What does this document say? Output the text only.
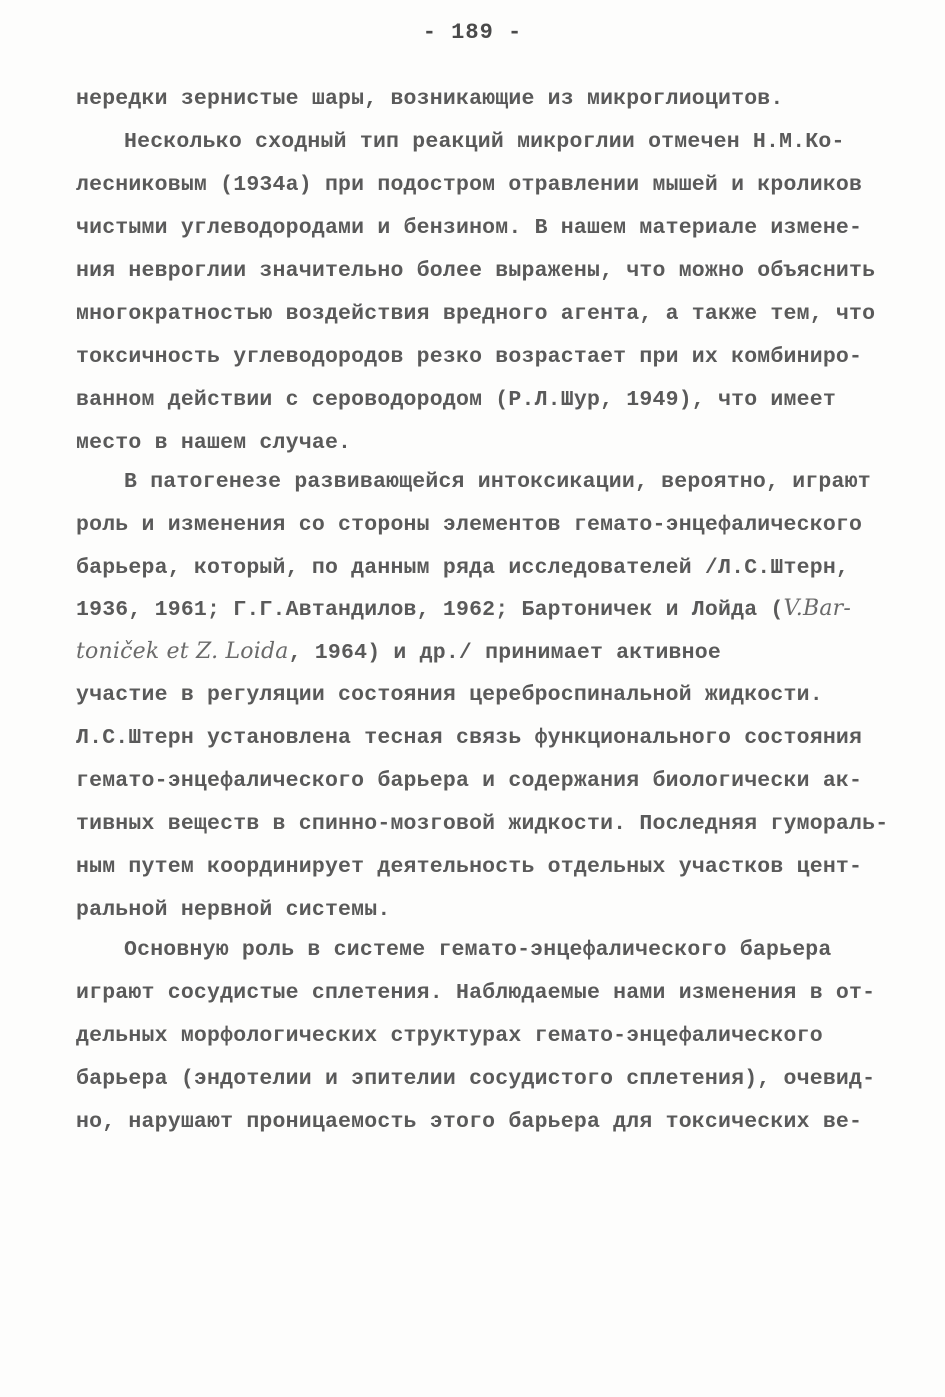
- 189 -
нередки зернистые шары, возникающие из микроглиоцитов.
Несколько сходный тип реакций микроглии отмечен Н.М.Ко-
лесниковым (1934а) при подостром отравлении мышей и кроликов
чистыми углеводородами и бензином. В нашем материале измене-
ния невроглии значительно более выражены, что можно объяснить
многократностью воздействия вредного агента, а также тем, что
токсичность углеводородов резко возрастает при их комбиниро-
ванном действии с сероводородом (Р.Л.Шур, 1949), что имеет
место в нашем случае.
В патогенезе развивающейся интоксикации, вероятно, играют
роль и изменения со стороны элементов гемато-энцефалического
барьера, который, по данным ряда исследователей /Л.С.Штерн,
1936, 1961; Г.Г.Автандилов, 1962; Бартоничек и Лойда (V.Bar-
toniček et Z. Loida, 1964) и др./ принимает активное
участие в регуляции состояния цереброспинальной жидкости.
Л.С.Штерн установлена тесная связь функционального состояния
гемато-энцефалического барьера и содержания биологически ак-
тивных веществ в спинно-мозговой жидкости. Последняя гумораль-
ным путем координирует деятельность отдельных участков цент-
ральной нервной системы.
Основную роль в системе гемато-энцефалического барьера
играют сосудистые сплетения. Наблюдаемые нами изменения в от-
дельных морфологических структурах гемато-энцефалического
барьера (эндотелии и эпителии сосудистого сплетения), очевид-
но, нарушают проницаемость этого барьера для токсических ве-
